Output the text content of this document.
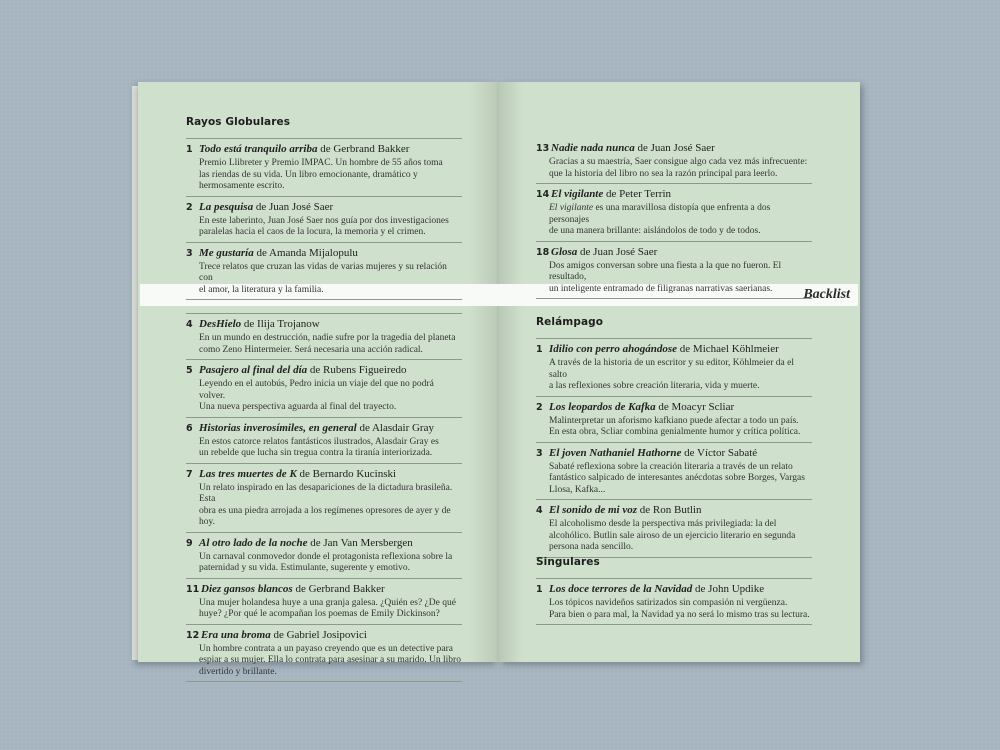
Backlist
Rayos Globulares
1 Todo está tranquilo arriba de Gerbrand Bakker
Premio Llibreter y Premio IMPAC. Un hombre de 55 años toma
las riendas de su vida. Un libro emocionante, dramático y
hermosamente escrito.
2 La pesquisa de Juan José Saer
En este laberinto, Juan José Saer nos guía por dos investigaciones
paralelas hacia el caos de la locura, la memoria y el crimen.
3 Me gustaría de Amanda Mijalopulu
Trece relatos que cruzan las vidas de varias mujeres y su relación con
el amor, la literatura y la familia.
4 DesHielo de Ilija Trojanow
En un mundo en destrucción, nadie sufre por la tragedia del planeta
como Zeno Hintermeier. Será necesaria una acción radical.
5 Pasajero al final del día de Rubens Figueiredo
Leyendo en el autobús, Pedro inicia un viaje del que no podrá volver.
Una nueva perspectiva aguarda al final del trayecto.
6 Historias inverosímiles, en general de Alasdair Gray
En estos catorce relatos fantásticos ilustrados, Alasdair Gray es
un rebelde que lucha sin tregua contra la tiranía interiorizada.
7 Las tres muertes de K de Bernardo Kucinski
Un relato inspirado en las desapariciones de la dictadura brasileña. Esta
obra es una piedra arrojada a los regímenes opresores de ayer y de hoy.
9 Al otro lado de la noche de Jan Van Mersbergen
Un carnaval conmovedor donde el protagonista reflexiona sobre la
paternidad y su vida. Estimulante, sugerente y emotivo.
11 Diez gansos blancos de Gerbrand Bakker
Una mujer holandesa huye a una granja galesa. ¿Quién es? ¿De qué
huye? ¿Por qué le acompañan los poemas de Emily Dickinson?
12 Era una broma de Gabriel Josipovici
Un hombre contrata a un payaso creyendo que es un detective para
espiar a su mujer. Ella lo contrata para asesinar a su marido. Un libro
divertido y brillante.
13 Nadie nada nunca de Juan José Saer
Gracias a su maestría, Saer consigue algo cada vez más infrecuente:
que la historia del libro no sea la razón principal para leerlo.
14 El vigilante de Peter Terrin
El vigilante es una maravillosa distopía que enfrenta a dos personajes
de una manera brillante: aislándolos de todo y de todos.
18 Glosa de Juan José Saer
Dos amigos conversan sobre una fiesta a la que no fueron. El resultado,
un inteligente entramado de filigranas narrativas saerianas.
Relámpago
1 Idilio con perro ahogándose de Michael Köhlmeier
A través de la historia de un escritor y su editor, Köhlmeier da el salto
a las reflexiones sobre creación literaria, vida y muerte.
2 Los leopardos de Kafka de Moacyr Scliar
Malinterpretar un aforismo kafkiano puede afectar a todo un país.
En esta obra, Scliar combina genialmente humor y crítica política.
3 El joven Nathaniel Hathorne de Víctor Sabaté
Sabaté reflexiona sobre la creación literaria a través de un relato
fantástico salpicado de interesantes anécdotas sobre Borges, Vargas
Llosa, Kafka...
4 El sonido de mi voz de Ron Butlin
El alcoholismo desde la perspectiva más privilegiada: la del
alcohólico. Butlin sale airoso de un ejercicio literario en segunda
persona nada sencillo.
Singulares
1 Los doce terrores de la Navidad de John Updike
Los tópicos navideños satirizados sin compasión ni vergüenza.
Para bien o para mal, la Navidad ya no será lo mismo tras su lectura.
